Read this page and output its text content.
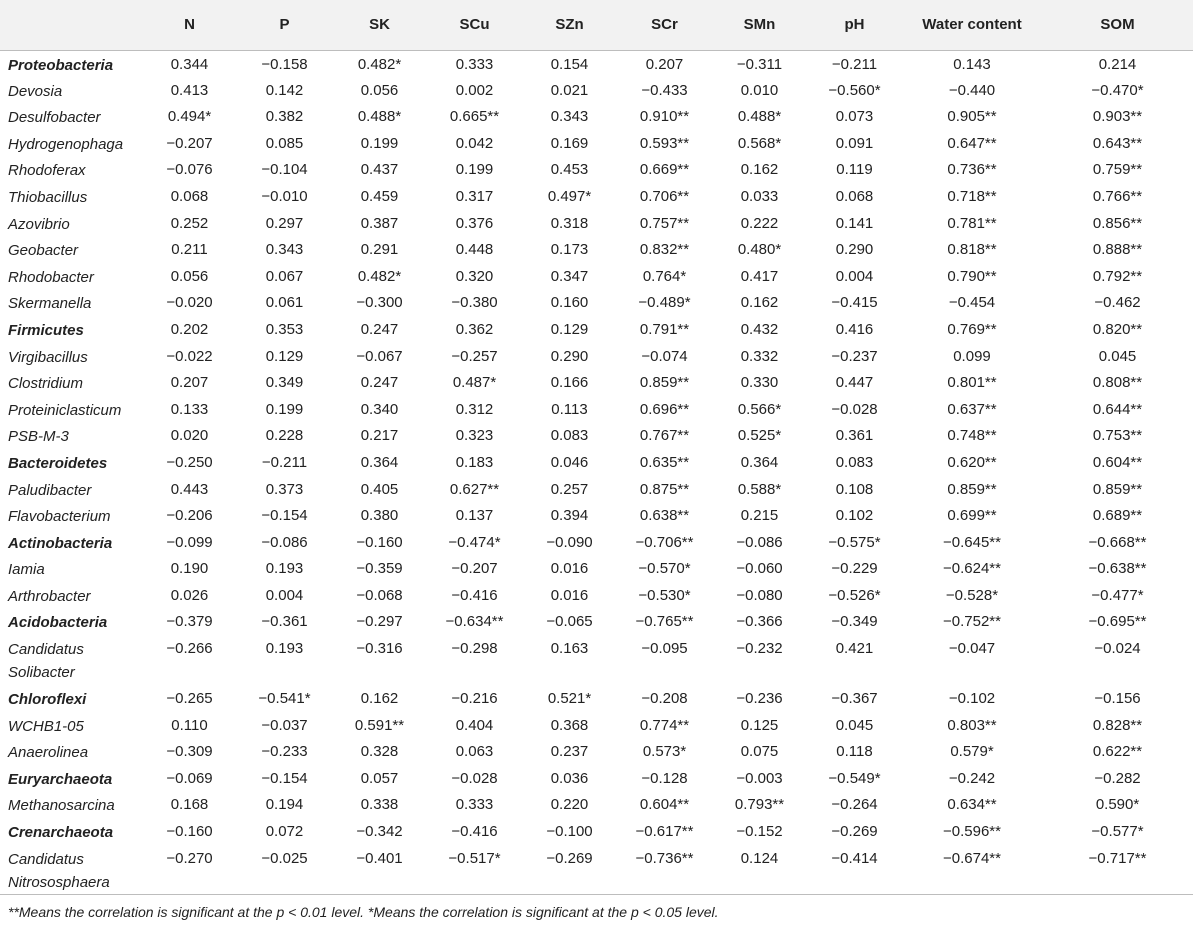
	N	P	SK	SCu	SZn	SCr	SMn	pH	Water content	SOM
Proteobacteria	0.344	−0.158	0.482*	0.333	0.154	0.207	−0.311	−0.211	0.143	0.214
Devosia	0.413	0.142	0.056	0.002	0.021	−0.433	0.010	−0.560*	−0.440	−0.470*
Desulfobacter	0.494*	0.382	0.488*	0.665**	0.343	0.910**	0.488*	0.073	0.905**	0.903**
Hydrogenophaga	−0.207	0.085	0.199	0.042	0.169	0.593**	0.568*	0.091	0.647**	0.643**
Rhodoferax	−0.076	−0.104	0.437	0.199	0.453	0.669**	0.162	0.119	0.736**	0.759**
Thiobacillus	0.068	−0.010	0.459	0.317	0.497*	0.706**	0.033	0.068	0.718**	0.766**
Azovibrio	0.252	0.297	0.387	0.376	0.318	0.757**	0.222	0.141	0.781**	0.856**
Geobacter	0.211	0.343	0.291	0.448	0.173	0.832**	0.480*	0.290	0.818**	0.888**
Rhodobacter	0.056	0.067	0.482*	0.320	0.347	0.764*	0.417	0.004	0.790**	0.792**
Skermanella	−0.020	0.061	−0.300	−0.380	0.160	−0.489*	0.162	−0.415	−0.454	−0.462
Firmicutes	0.202	0.353	0.247	0.362	0.129	0.791**	0.432	0.416	0.769**	0.820**
Virgibacillus	−0.022	0.129	−0.067	−0.257	0.290	−0.074	0.332	−0.237	0.099	0.045
Clostridium	0.207	0.349	0.247	0.487*	0.166	0.859**	0.330	0.447	0.801**	0.808**
Proteiniclasticum	0.133	0.199	0.340	0.312	0.113	0.696**	0.566*	−0.028	0.637**	0.644**
PSB-M-3	0.020	0.228	0.217	0.323	0.083	0.767**	0.525*	0.361	0.748**	0.753**
Bacteroidetes	−0.250	−0.211	0.364	0.183	0.046	0.635**	0.364	0.083	0.620**	0.604**
Paludibacter	0.443	0.373	0.405	0.627**	0.257	0.875**	0.588*	0.108	0.859**	0.859**
Flavobacterium	−0.206	−0.154	0.380	0.137	0.394	0.638**	0.215	0.102	0.699**	0.689**
Actinobacteria	−0.099	−0.086	−0.160	−0.474*	−0.090	−0.706**	−0.086	−0.575*	−0.645**	−0.668**
Iamia	0.190	0.193	−0.359	−0.207	0.016	−0.570*	−0.060	−0.229	−0.624**	−0.638**
Arthrobacter	0.026	0.004	−0.068	−0.416	0.016	−0.530*	−0.080	−0.526*	−0.528*	−0.477*
Acidobacteria	−0.379	−0.361	−0.297	−0.634**	−0.065	−0.765**	−0.366	−0.349	−0.752**	−0.695**
Candidatus Solibacter	−0.266	0.193	−0.316	−0.298	0.163	−0.095	−0.232	0.421	−0.047	−0.024
Chloroflexi	−0.265	−0.541*	0.162	−0.216	0.521*	−0.208	−0.236	−0.367	−0.102	−0.156
WCHB1-05	0.110	−0.037	0.591**	0.404	0.368	0.774**	0.125	0.045	0.803**	0.828**
Anaerolinea	−0.309	−0.233	0.328	0.063	0.237	0.573*	0.075	0.118	0.579*	0.622**
Euryarchaeota	−0.069	−0.154	0.057	−0.028	0.036	−0.128	−0.003	−0.549*	−0.242	−0.282
Methanosarcina	0.168	0.194	0.338	0.333	0.220	0.604**	0.793**	−0.264	0.634**	0.590*
Crenarchaeota	−0.160	0.072	−0.342	−0.416	−0.100	−0.617**	−0.152	−0.269	−0.596**	−0.577*
Candidatus Nitrososphaera	−0.270	−0.025	−0.401	−0.517*	−0.269	−0.736**	0.124	−0.414	−0.674**	−0.717**
**Means the correlation is significant at the p < 0.01 level. *Means the correlation is significant at the p < 0.05 level.
